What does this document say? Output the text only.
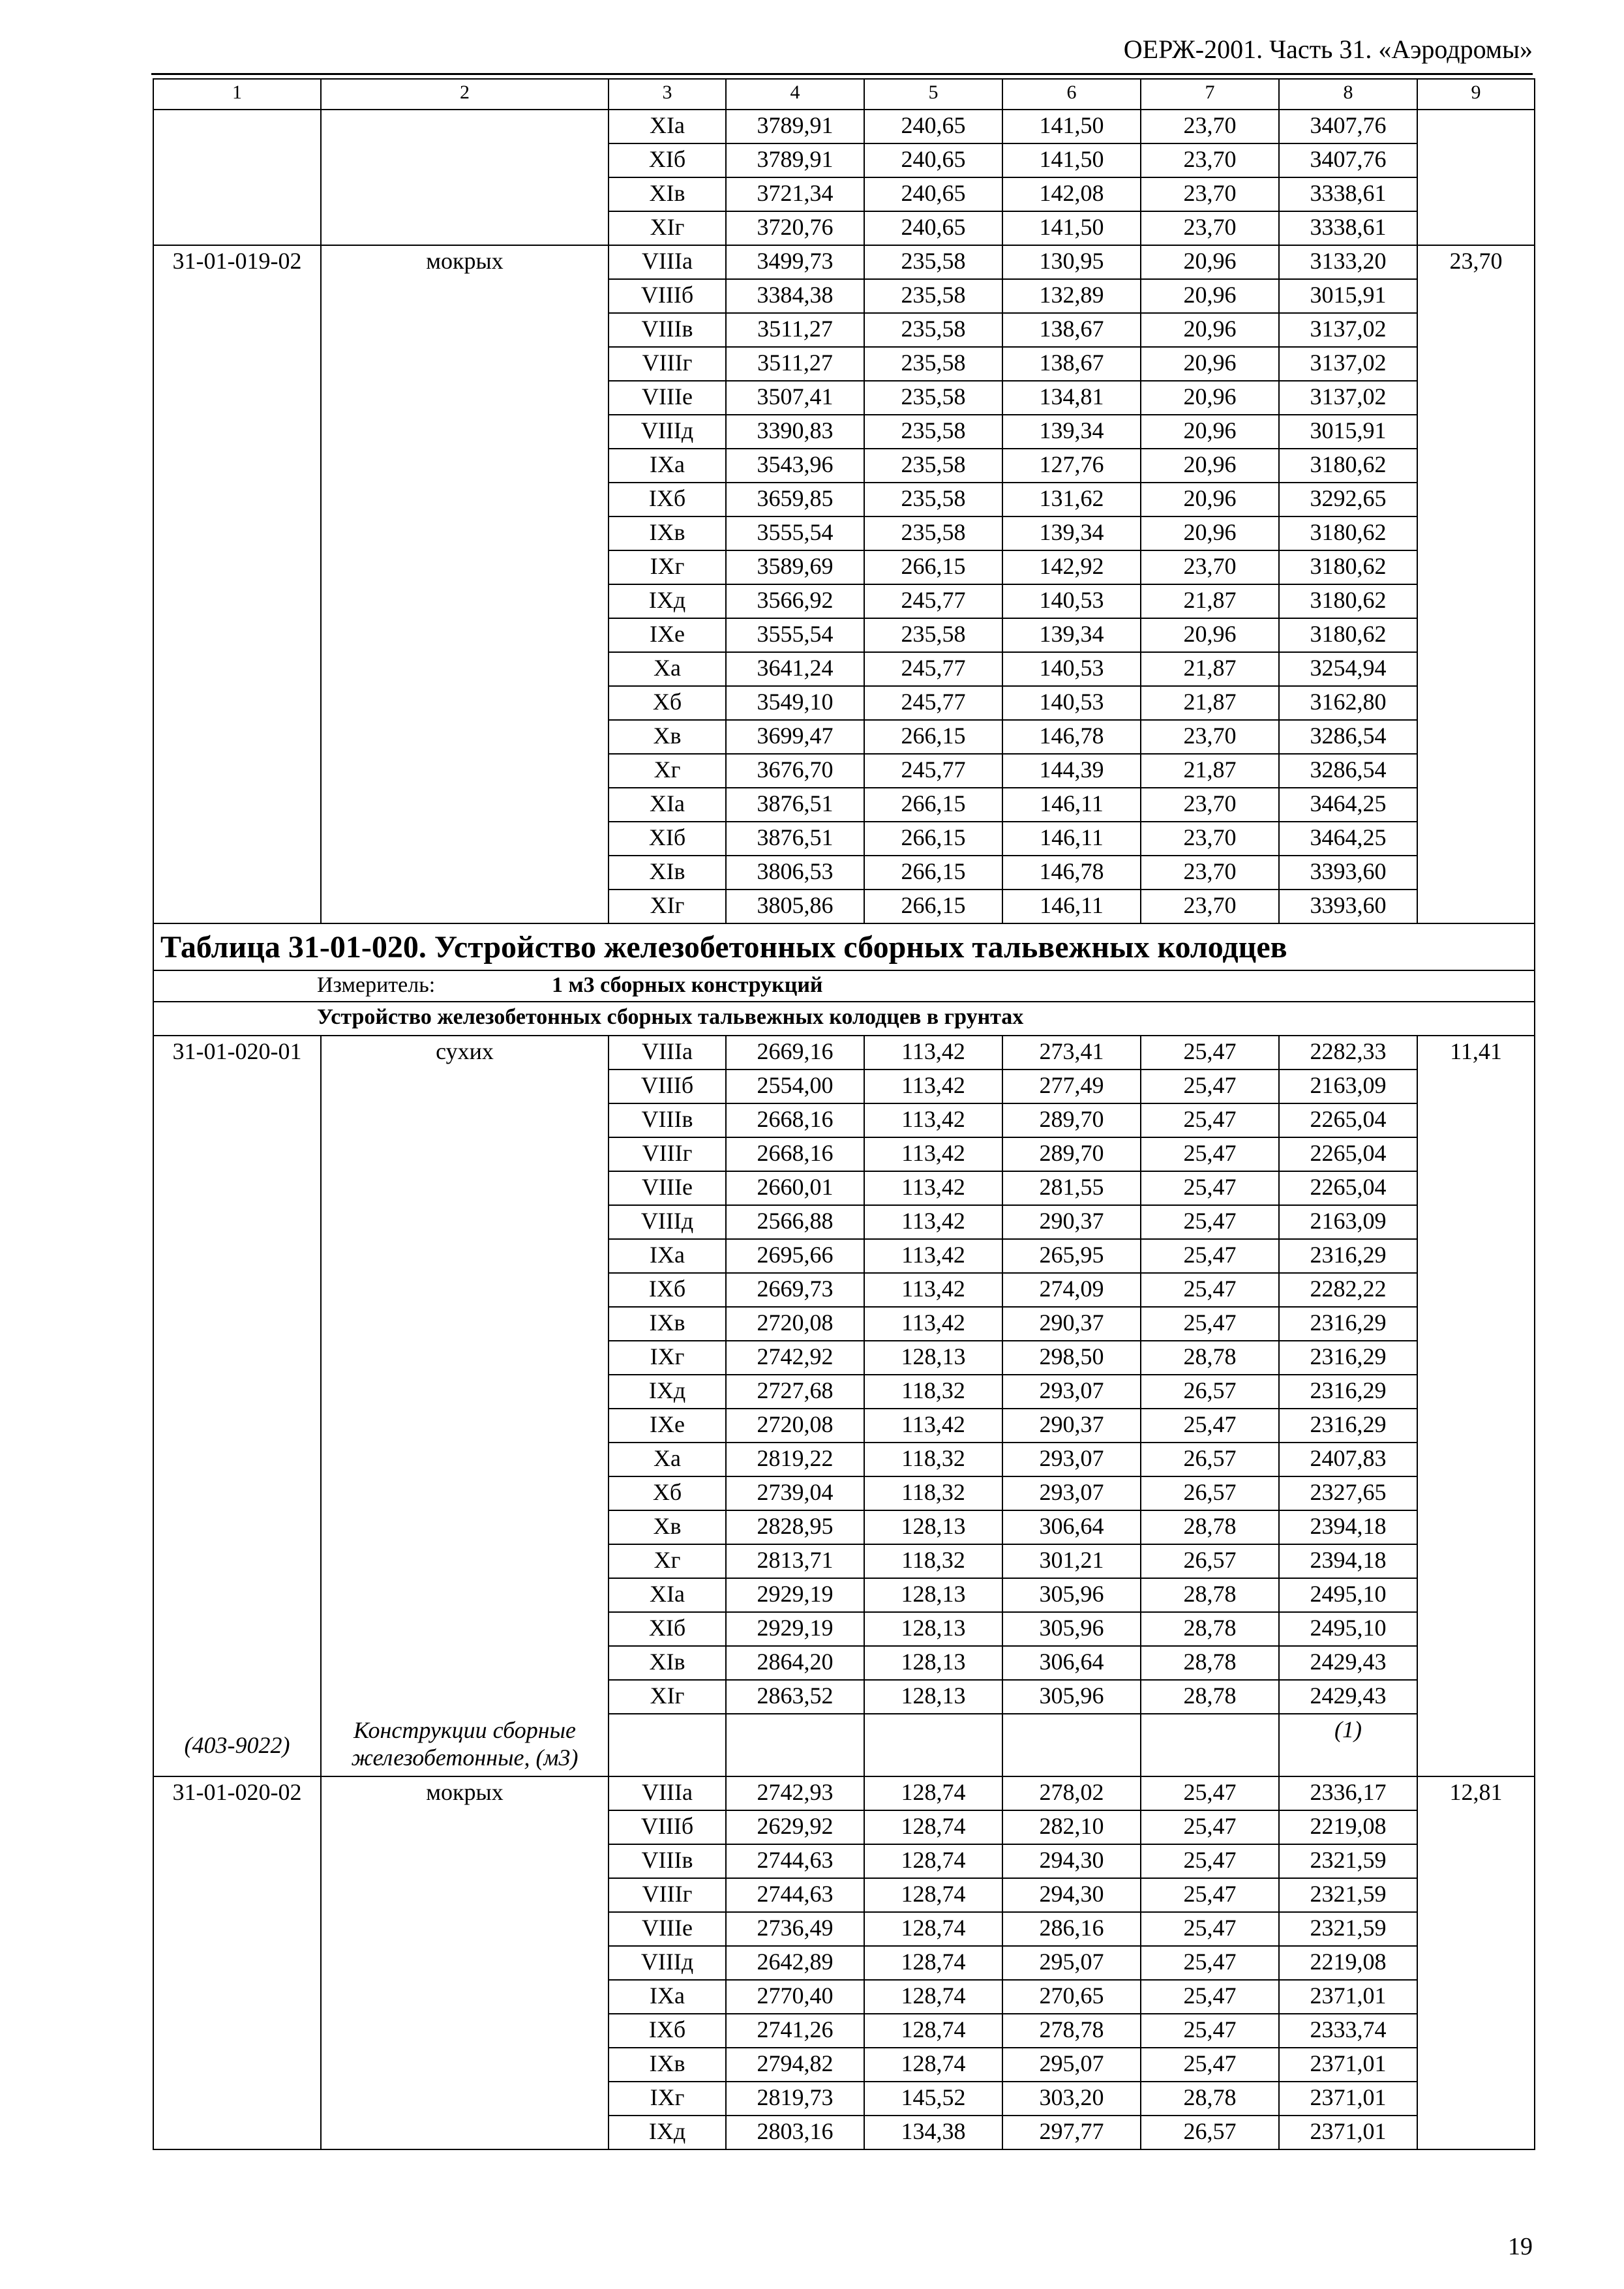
ОЕРЖ-2001. Часть 31. «Аэродромы»
1	2	3	4	5	6	7	8	9
		XIа	3789,91	240,65	141,50	23,70	3407,76	
		XIб	3789,91	240,65	141,50	23,70	3407,76	
		XIв	3721,34	240,65	142,08	23,70	3338,61	
		XIг	3720,76	240,65	141,50	23,70	3338,61	
31-01-019-02	мокрых	VIIIа	3499,73	235,58	130,95	20,96	3133,20	23,70
		VIIIб	3384,38	235,58	132,89	20,96	3015,91	
		VIIIв	3511,27	235,58	138,67	20,96	3137,02	
		VIIIг	3511,27	235,58	138,67	20,96	3137,02	
		VIIIе	3507,41	235,58	134,81	20,96	3137,02	
		VIIIд	3390,83	235,58	139,34	20,96	3015,91	
		IXа	3543,96	235,58	127,76	20,96	3180,62	
		IXб	3659,85	235,58	131,62	20,96	3292,65	
		IXв	3555,54	235,58	139,34	20,96	3180,62	
		IXг	3589,69	266,15	142,92	23,70	3180,62	
		IXд	3566,92	245,77	140,53	21,87	3180,62	
		IXе	3555,54	235,58	139,34	20,96	3180,62	
		Xа	3641,24	245,77	140,53	21,87	3254,94	
		Xб	3549,10	245,77	140,53	21,87	3162,80	
		Xв	3699,47	266,15	146,78	23,70	3286,54	
		Xг	3676,70	245,77	144,39	21,87	3286,54	
		XIа	3876,51	266,15	146,11	23,70	3464,25	
		XIб	3876,51	266,15	146,11	23,70	3464,25	
		XIв	3806,53	266,15	146,78	23,70	3393,60	
		XIг	3805,86	266,15	146,11	23,70	3393,60	
Таблица 31-01-020. Устройство железобетонных сборных тальвежных колодцев								
Измеритель: 1 м3 сборных конструкций								
Устройство железобетонных сборных тальвежных колодцев в грунтах								
31-01-020-01	сухих	VIIIа	2669,16	113,42	273,41	25,47	2282,33	11,41
		VIIIб	2554,00	113,42	277,49	25,47	2163,09	
		VIIIв	2668,16	113,42	289,70	25,47	2265,04	
		VIIIг	2668,16	113,42	289,70	25,47	2265,04	
		VIIIе	2660,01	113,42	281,55	25,47	2265,04	
		VIIIд	2566,88	113,42	290,37	25,47	2163,09	
		IXа	2695,66	113,42	265,95	25,47	2316,29	
		IXб	2669,73	113,42	274,09	25,47	2282,22	
		IXв	2720,08	113,42	290,37	25,47	2316,29	
		IXг	2742,92	128,13	298,50	28,78	2316,29	
		IXд	2727,68	118,32	293,07	26,57	2316,29	
		IXе	2720,08	113,42	290,37	25,47	2316,29	
		Xа	2819,22	118,32	293,07	26,57	2407,83	
		Xб	2739,04	118,32	293,07	26,57	2327,65	
		Xв	2828,95	128,13	306,64	28,78	2394,18	
		Xг	2813,71	118,32	301,21	26,57	2394,18	
		XIа	2929,19	128,13	305,96	28,78	2495,10	
		XIб	2929,19	128,13	305,96	28,78	2495,10	
		XIв	2864,20	128,13	306,64	28,78	2429,43	
		XIг	2863,52	128,13	305,96	28,78	2429,43	
(403-9022)	Конструкции сборные железобетонные, (м3)						(1)	
31-01-020-02	мокрых	VIIIа	2742,93	128,74	278,02	25,47	2336,17	12,81
		VIIIб	2629,92	128,74	282,10	25,47	2219,08	
		VIIIв	2744,63	128,74	294,30	25,47	2321,59	
		VIIIг	2744,63	128,74	294,30	25,47	2321,59	
		VIIIе	2736,49	128,74	286,16	25,47	2321,59	
		VIIIд	2642,89	128,74	295,07	25,47	2219,08	
		IXа	2770,40	128,74	270,65	25,47	2371,01	
		IXб	2741,26	128,74	278,78	25,47	2333,74	
		IXв	2794,82	128,74	295,07	25,47	2371,01	
		IXг	2819,73	145,52	303,20	28,78	2371,01	
		IXд	2803,16	134,38	297,77	26,57	2371,01	
19
